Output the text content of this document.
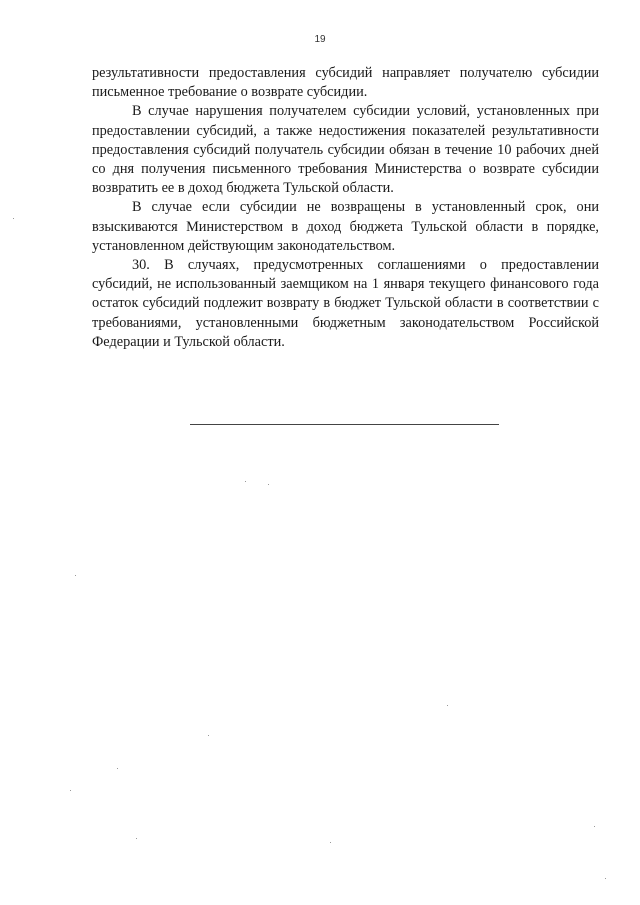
19

результативности предоставления субсидий направляет получателю субсидии письменное требование о возврате субсидии.

В случае нарушения получателем субсидии условий, установленных при предоставлении субсидий, а также недостижения показателей результативности предоставления субсидий получатель субсидии обязан в течение 10 рабочих дней со дня получения письменного требования Министерства о возврате субсидии возвратить ее в доход бюджета Тульской области.

В случае если субсидии не возвращены в установленный срок, они взыскиваются Министерством в доход бюджета Тульской области в порядке, установленном действующим законодательством.

30. В случаях, предусмотренных соглашениями о предоставлении субсидий, не использованный заемщиком на 1 января текущего финансового года остаток субсидий подлежит возврату в бюджет Тульской области в соответствии с требованиями, установленными бюджетным законодательством Российской Федерации и Тульской области.
